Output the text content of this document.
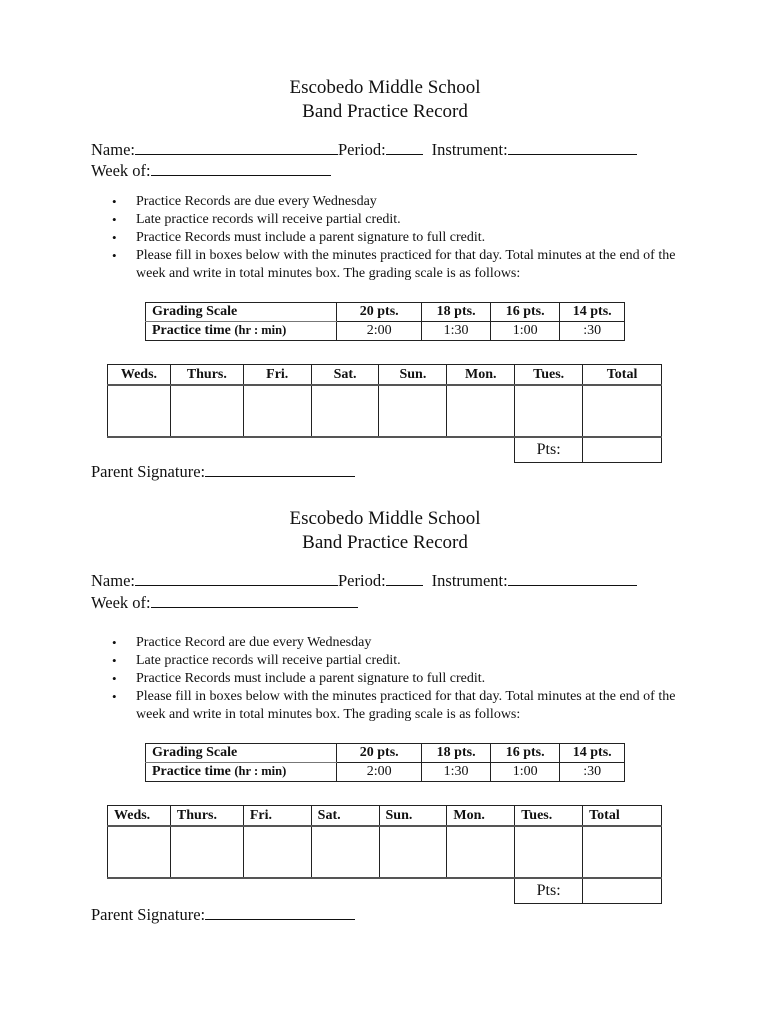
Escobedo Middle School
Band Practice Record
Name:	Period:	Instrument:
Week of:
• Practice Records are due every Wednesday
• Late practice records will receive partial credit.
• Practice Records must include a parent signature to full credit.
• Please fill in boxes below with the minutes practiced for that day. Total minutes at the end of the week and write in total minutes box. The grading scale is as follows:
Grading Scale	20 pts.	18 pts.	16 pts.	14 pts.
Practice time (hr : min)	2:00	1:30	1:00	:30
Weds.	Thurs.	Fri.	Sat.	Sun.	Mon.	Tues.	Total

						Pts:	
Parent Signature:
Escobedo Middle School
Band Practice Record
Name:	Period:	Instrument:
Week of:
• Practice Record are due every Wednesday
• Late practice records will receive partial credit.
• Practice Records must include a parent signature to full credit.
• Please fill in boxes below with the minutes practiced for that day. Total minutes at the end of the week and write in total minutes box. The grading scale is as follows:
Grading Scale	20 pts.	18 pts.	16 pts.	14 pts.
Practice time (hr : min)	2:00	1:30	1:00	:30
Weds.	Thurs.	Fri.	Sat.	Sun.	Mon.	Tues.	Total

						Pts:	
Parent Signature:
